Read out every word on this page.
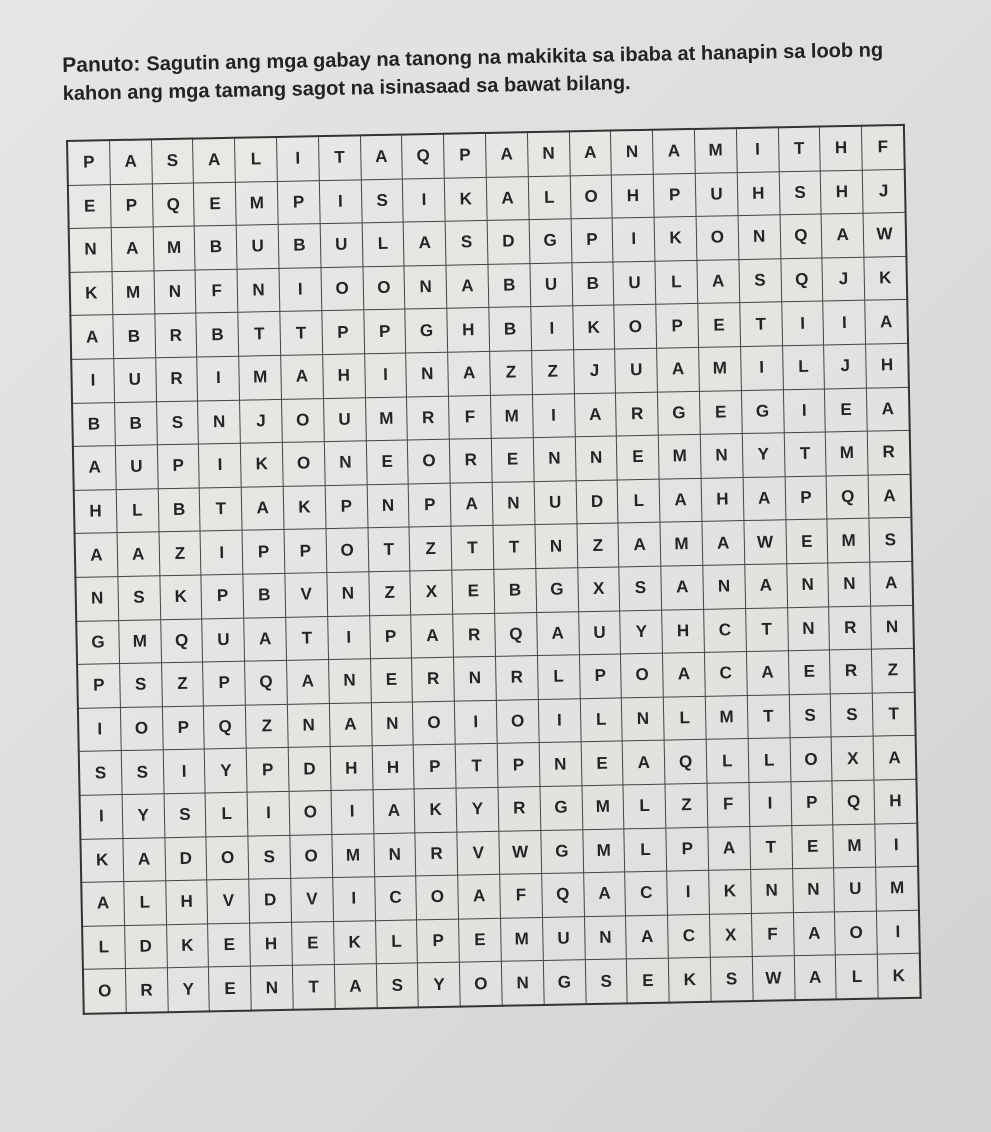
Panuto: Sagutin ang mga gabay na tanong na makikita sa ibaba at hanapin sa loob ng kahon ang mga tamang sagot na isinasaad sa bawat bilang.
P	A	S	A	L	I	T	A	Q	P	A	N	A	N	A	M	I	T	H	F
E	P	Q	E	M	P	I	S	I	K	A	L	O	H	P	U	H	S	H	J
N	A	M	B	U	B	U	L	A	S	D	G	P	I	K	O	N	Q	A	W
K	M	N	F	N	I	O	O	N	A	B	U	B	U	L	A	S	Q	J	K
A	B	R	B	T	T	P	P	G	H	B	I	K	O	P	E	T	I	I	A
I	U	R	I	M	A	H	I	N	A	Z	Z	J	U	A	M	I	L	J	H
B	B	S	N	J	O	U	M	R	F	M	I	A	R	G	E	G	I	E	A
A	U	P	I	K	O	N	E	O	R	E	N	N	E	M	N	Y	T	M	R
H	L	B	T	A	K	P	N	P	A	N	U	D	L	A	H	A	P	Q	A
A	A	Z	I	P	P	O	T	Z	T	T	N	Z	A	M	A	W	E	M	S
N	S	K	P	B	V	N	Z	X	E	B	G	X	S	A	N	A	N	N	A
G	M	Q	U	A	T	I	P	A	R	Q	A	U	Y	H	C	T	N	R	N
P	S	Z	P	Q	A	N	E	R	N	R	L	P	O	A	C	A	E	R	Z
I	O	P	Q	Z	N	A	N	O	I	O	I	L	N	L	M	T	S	S	T
S	S	I	Y	P	D	H	H	P	T	P	N	E	A	Q	L	L	O	X	A
I	Y	S	L	I	O	I	A	K	Y	R	G	M	L	Z	F	I	P	Q	H
K	A	D	O	S	O	M	N	R	V	W	G	M	L	P	A	T	E	M	I
A	L	H	V	D	V	I	C	O	A	F	Q	A	C	I	K	N	N	U	M
L	D	K	E	H	E	K	L	P	E	M	U	N	A	C	X	F	A	O	I
O	R	Y	E	N	T	A	S	Y	O	N	G	S	E	K	S	W	A	L	K
